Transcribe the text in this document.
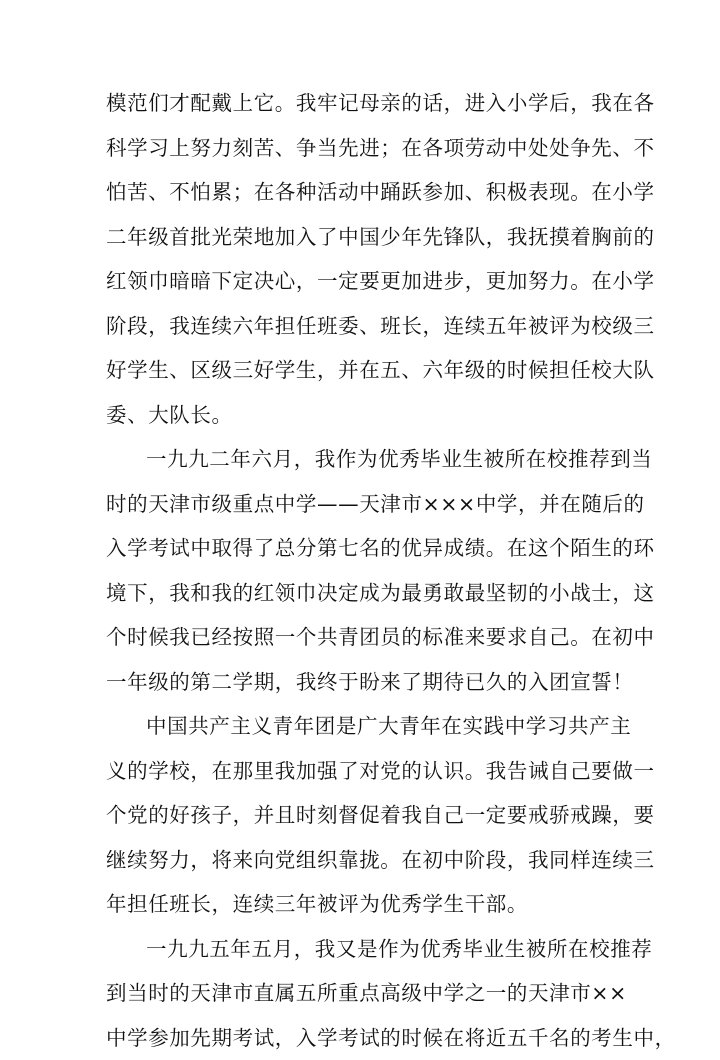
模范们才配戴上它。我牢记母亲的话，进入小学后，我在各
科学习上努力刻苦、争当先进；在各项劳动中处处争先、不
怕苦、不怕累；在各种活动中踊跃参加、积极表现。在小学
二年级首批光荣地加入了中国少年先锋队，我抚摸着胸前的
红领巾暗暗下定决心，一定要更加进步，更加努力。在小学
阶段，我连续六年担任班委、班长，连续五年被评为校级三
好学生、区级三好学生，并在五、六年级的时候担任校大队
委、大队长。
一九九二年六月，我作为优秀毕业生被所在校推荐到当
时的天津市级重点中学——天津市×××中学，并在随后的
入学考试中取得了总分第七名的优异成绩。在这个陌生的环
境下，我和我的红领巾决定成为最勇敢最坚韧的小战士，这
个时候我已经按照一个共青团员的标准来要求自己。在初中
一年级的第二学期，我终于盼来了期待已久的入团宣誓！
中国共产主义青年团是广大青年在实践中学习共产主
义的学校，在那里我加强了对党的认识。我告诫自己要做一
个党的好孩子，并且时刻督促着我自己一定要戒骄戒躁，要
继续努力，将来向党组织靠拢。在初中阶段，我同样连续三
年担任班长，连续三年被评为优秀学生干部。
一九九五年五月，我又是作为优秀毕业生被所在校推荐
到当时的天津市直属五所重点高级中学之一的天津市××
中学参加先期考试，入学考试的时候在将近五千名的考生中，
